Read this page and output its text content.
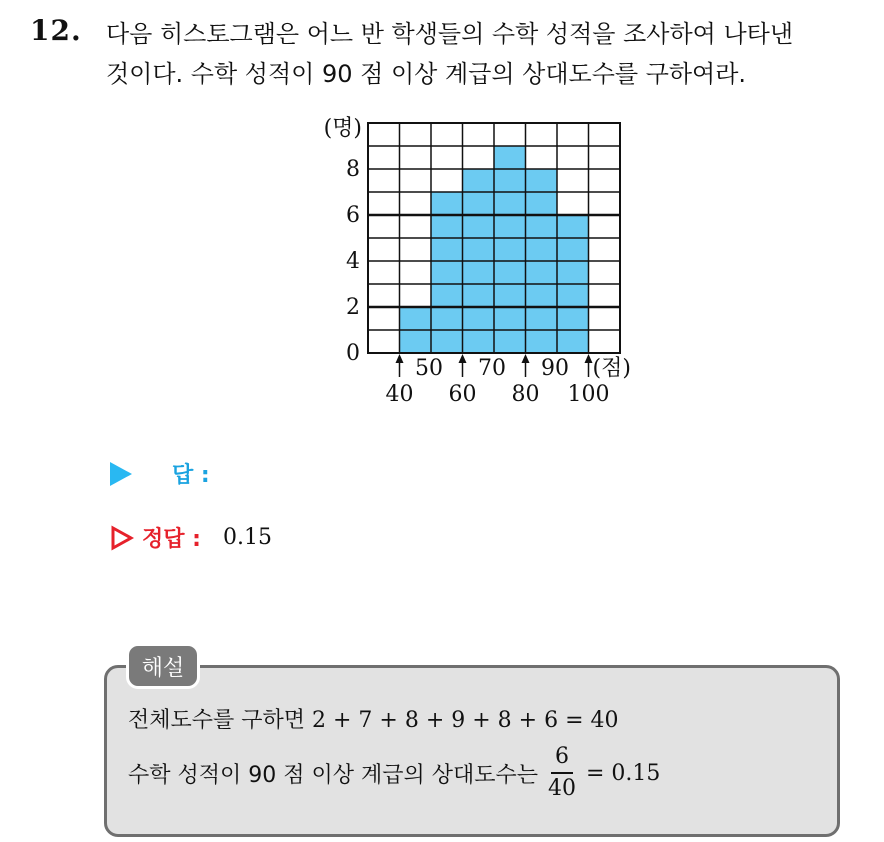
12. 다음 히스토그램은 어느 반 학생들의 수학 성적을 조사하여 나타낸
것이다. 수학 성적이 90 점 이상 계급의 상대도수를 구하여라.
0
2
4
6
8
(명)
40 60 80 100
50 70 90 (점)
답 :
정답 : 0.15
해설
전체도수를 구하면 2 + 7 + 8 + 9 + 8 + 6 = 40
수학 성적이 90 점 이상 계급의 상대도수는 $\frac{6}{40} = 0.15$
